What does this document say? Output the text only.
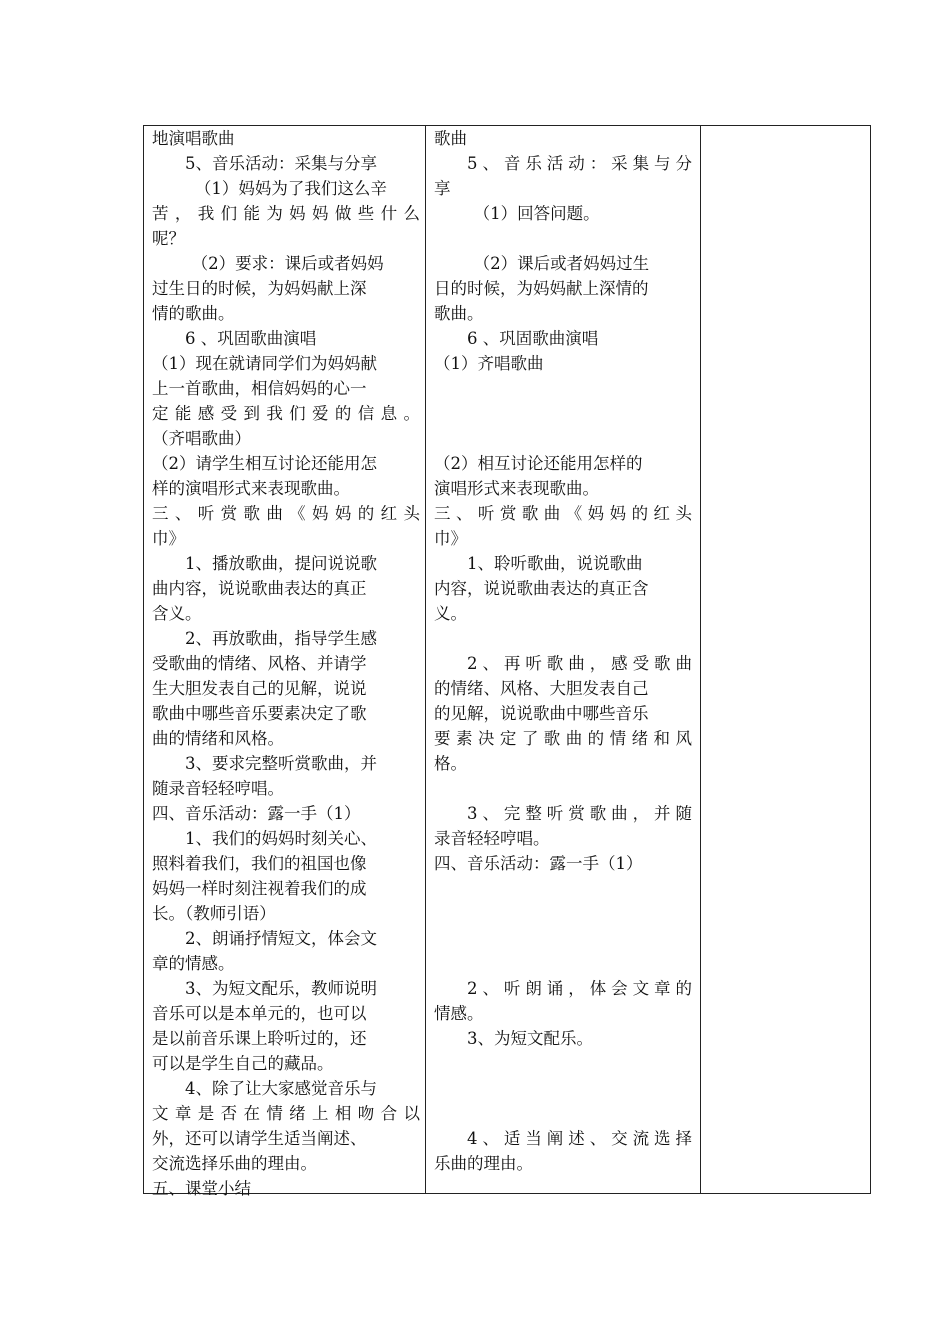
地演唱歌曲

5、音乐活动：采集与分享

（1）妈妈为了我们这么辛

苦，我们能为妈妈做些什么

呢？

（2）要求：课后或者妈妈

过生日的时候，为妈妈献上深

情的歌曲。

6 、巩固歌曲演唱

（1）现在就请同学们为妈妈献

上一首歌曲，相信妈妈的心一

定能感受到我们爱的信息。

（齐唱歌曲）

（2）请学生相互讨论还能用怎

样的演唱形式来表现歌曲。

三、听赏歌曲《妈妈的红头

巾》

1、播放歌曲，提问说说歌

曲内容，说说歌曲表达的真正

含义。

2、再放歌曲，指导学生感

受歌曲的情绪、风格、并请学

生大胆发表自己的见解，说说

歌曲中哪些音乐要素决定了歌

曲的情绪和风格。

3、要求完整听赏歌曲，并

随录音轻轻哼唱。

四、音乐活动：露一手（1）

1、我们的妈妈时刻关心、

照料着我们，我们的祖国也像

妈妈一样时刻注视着我们的成

长。（教师引语）

2、朗诵抒情短文，体会文

章的情感。

3、为短文配乐，教师说明

音乐可以是本单元的，也可以

是以前音乐课上聆听过的，还

可以是学生自己的藏品。

4、除了让大家感觉音乐与

文章是否在情绪上相吻合以

外，还可以请学生适当阐述、

交流选择乐曲的理由。

五、课堂小结

歌曲

5、音乐活动：采集与分

享

（1）回答问题。

（2）课后或者妈妈过生

日的时候，为妈妈献上深情的

歌曲。

6 、巩固歌曲演唱

（1）齐唱歌曲

（2）相互讨论还能用怎样的

演唱形式来表现歌曲。

三、听赏歌曲《妈妈的红头

巾》

1、聆听歌曲，说说歌曲

内容，说说歌曲表达的真正含

义。

2、再听歌曲，感受歌曲

的情绪、风格、大胆发表自己

的见解，说说歌曲中哪些音乐

要素决定了歌曲的情绪和风

格。

3、完整听赏歌曲，并随

录音轻轻哼唱。

四、音乐活动：露一手（1）

2、听朗诵，体会文章的

情感。

3、为短文配乐。

4、适当阐述、交流选择

乐曲的理由。
